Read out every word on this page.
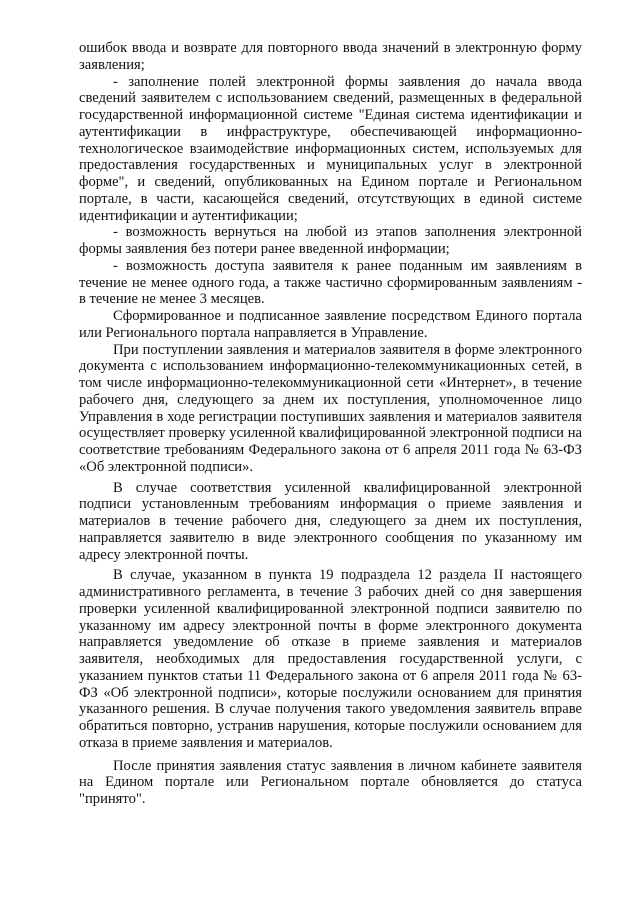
ошибок ввода и возврате для повторного ввода значений в электронную форму заявления;

- заполнение полей электронной формы заявления до начала ввода сведений заявителем с использованием сведений, размещенных в федеральной государственной информационной системе "Единая система идентификации и аутентификации в инфраструктуре, обеспечивающей информационно-технологическое взаимодействие информационных систем, используемых для предоставления государственных и муниципальных услуг в электронной форме", и сведений, опубликованных на Едином портале и Региональном портале, в части, касающейся сведений, отсутствующих в единой системе идентификации и аутентификации;

- возможность вернуться на любой из этапов заполнения электронной формы заявления без потери ранее введенной информации;

- возможность доступа заявителя к ранее поданным им заявлениям в течение не менее одного года, а также частично сформированным заявлениям - в течение не менее 3 месяцев.

Сформированное и подписанное заявление посредством Единого портала или Регионального портала направляется в Управление.

При поступлении заявления и материалов заявителя в форме электронного документа с использованием информационно-телекоммуникационных сетей, в том числе информационно-телекоммуникационной сети «Интернет», в течение рабочего дня, следующего за днем их поступления, уполномоченное лицо Управления в ходе регистрации поступивших заявления и материалов заявителя осуществляет проверку усиленной квалифицированной электронной подписи на соответствие требованиям Федерального закона от 6 апреля 2011 года № 63-ФЗ «Об электронной подписи».

В случае соответствия усиленной квалифицированной электронной подписи установленным требованиям информация о приеме заявления и материалов в течение рабочего дня, следующего за днем их поступления, направляется заявителю в виде электронного сообщения по указанному им адресу электронной почты.

В случае, указанном в пункта 19 подраздела 12 раздела II настоящего административного регламента, в течение 3 рабочих дней со дня завершения проверки усиленной квалифицированной электронной подписи заявителю по указанному им адресу электронной почты в форме электронного документа направляется уведомление об отказе в приеме заявления и материалов заявителя, необходимых для предоставления государственной услуги, с указанием пунктов статьи 11 Федерального закона от 6 апреля 2011 года № 63-ФЗ «Об электронной подписи», которые послужили основанием для принятия указанного решения. В случае получения такого уведомления заявитель вправе обратиться повторно, устранив нарушения, которые послужили основанием для отказа в приеме заявления и материалов.

После принятия заявления статус заявления в личном кабинете заявителя на Едином портале или Региональном портале обновляется до статуса "принято".
